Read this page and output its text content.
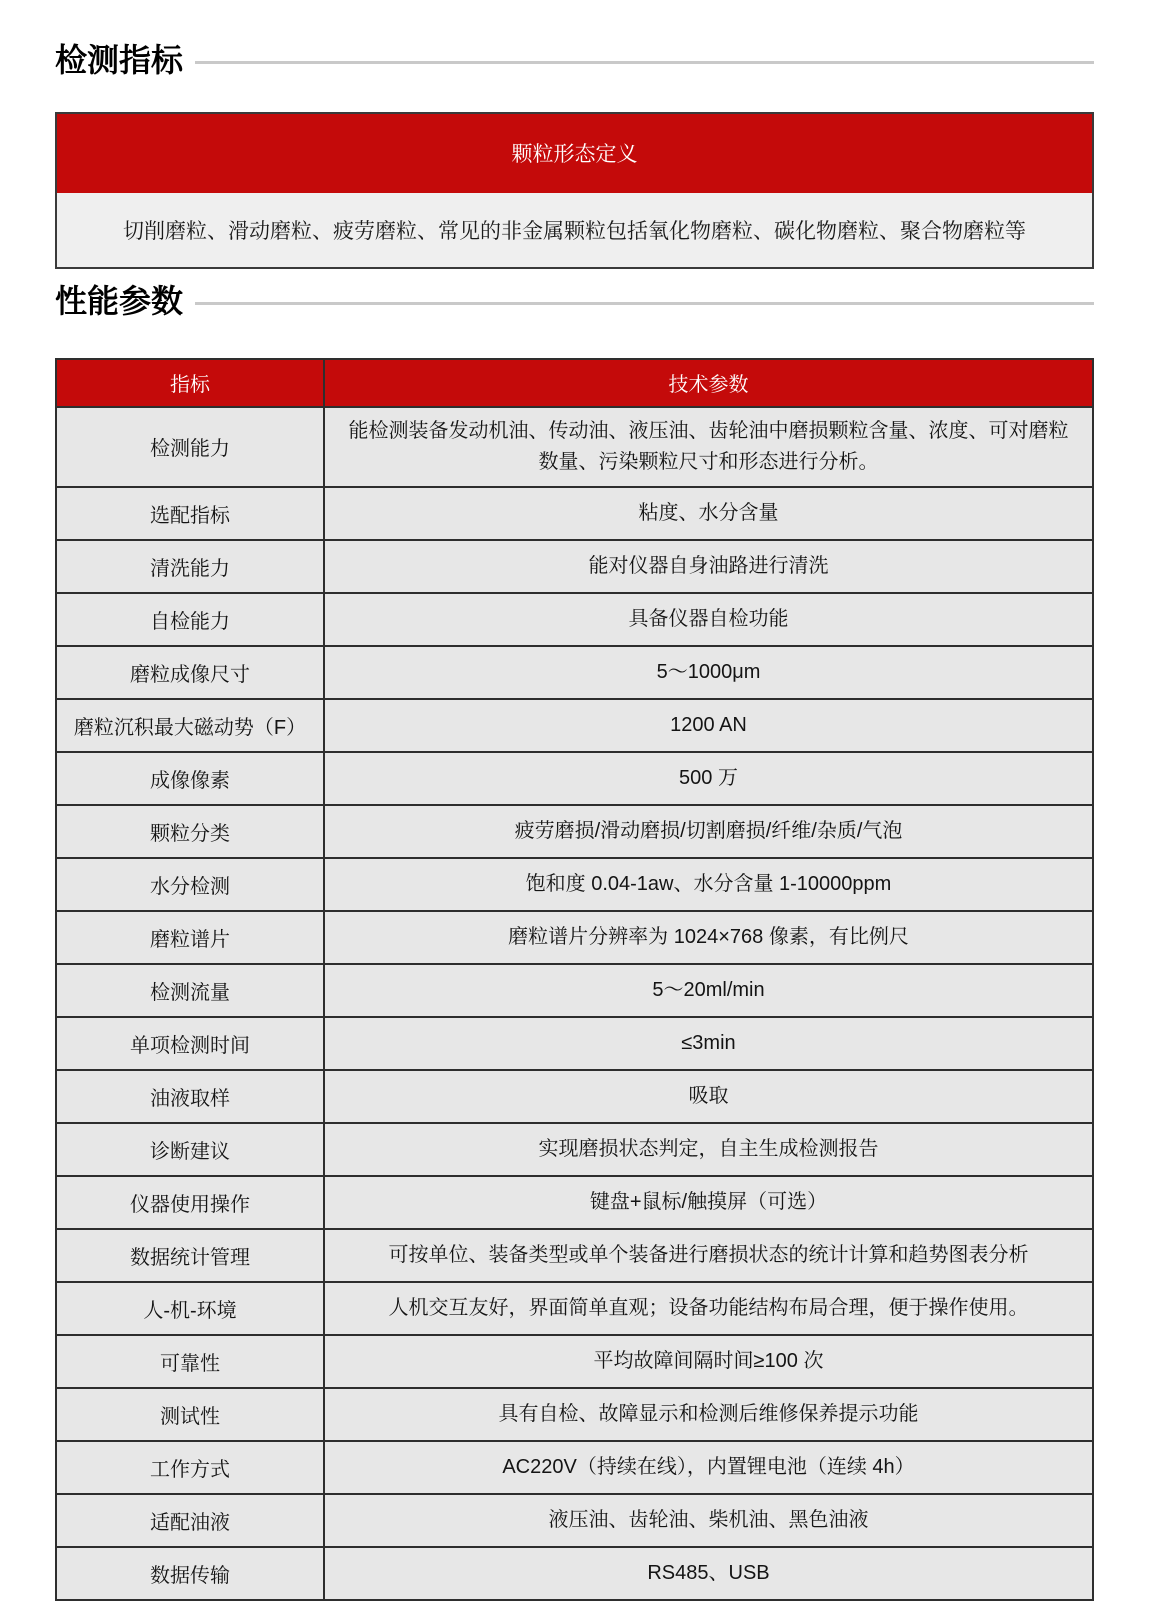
检测指标
颗粒形态定义
切削磨粒、滑动磨粒、疲劳磨粒、常见的非金属颗粒包括氧化物磨粒、碳化物磨粒、聚合物磨粒等
性能参数
指标	技术参数
检测能力	能检测装备发动机油、传动油、液压油、齿轮油中磨损颗粒含量、浓度、可对磨粒数量、污染颗粒尺寸和形态进行分析。
选配指标	粘度、水分含量
清洗能力	能对仪器自身油路进行清洗
自检能力	具备仪器自检功能
磨粒成像尺寸	5～1000μm
磨粒沉积最大磁动势（F）	1200 AN
成像像素	500 万
颗粒分类	疲劳磨损/滑动磨损/切割磨损/纤维/杂质/气泡
水分检测	饱和度 0.04-1aw、水分含量 1-10000ppm
磨粒谱片	磨粒谱片分辨率为 1024×768 像素，有比例尺
检测流量	5～20ml/min
单项检测时间	≤3min
油液取样	吸取
诊断建议	实现磨损状态判定，自主生成检测报告
仪器使用操作	键盘+鼠标/触摸屏（可选）
数据统计管理	可按单位、装备类型或单个装备进行磨损状态的统计计算和趋势图表分析
人-机-环境	人机交互友好，界面简单直观；设备功能结构布局合理，便于操作使用。
可靠性	平均故障间隔时间≥100 次
测试性	具有自检、故障显示和检测后维修保养提示功能
工作方式	AC220V（持续在线），内置锂电池（连续 4h）
适配油液	液压油、齿轮油、柴机油、黑色油液
数据传输	RS485、USB
